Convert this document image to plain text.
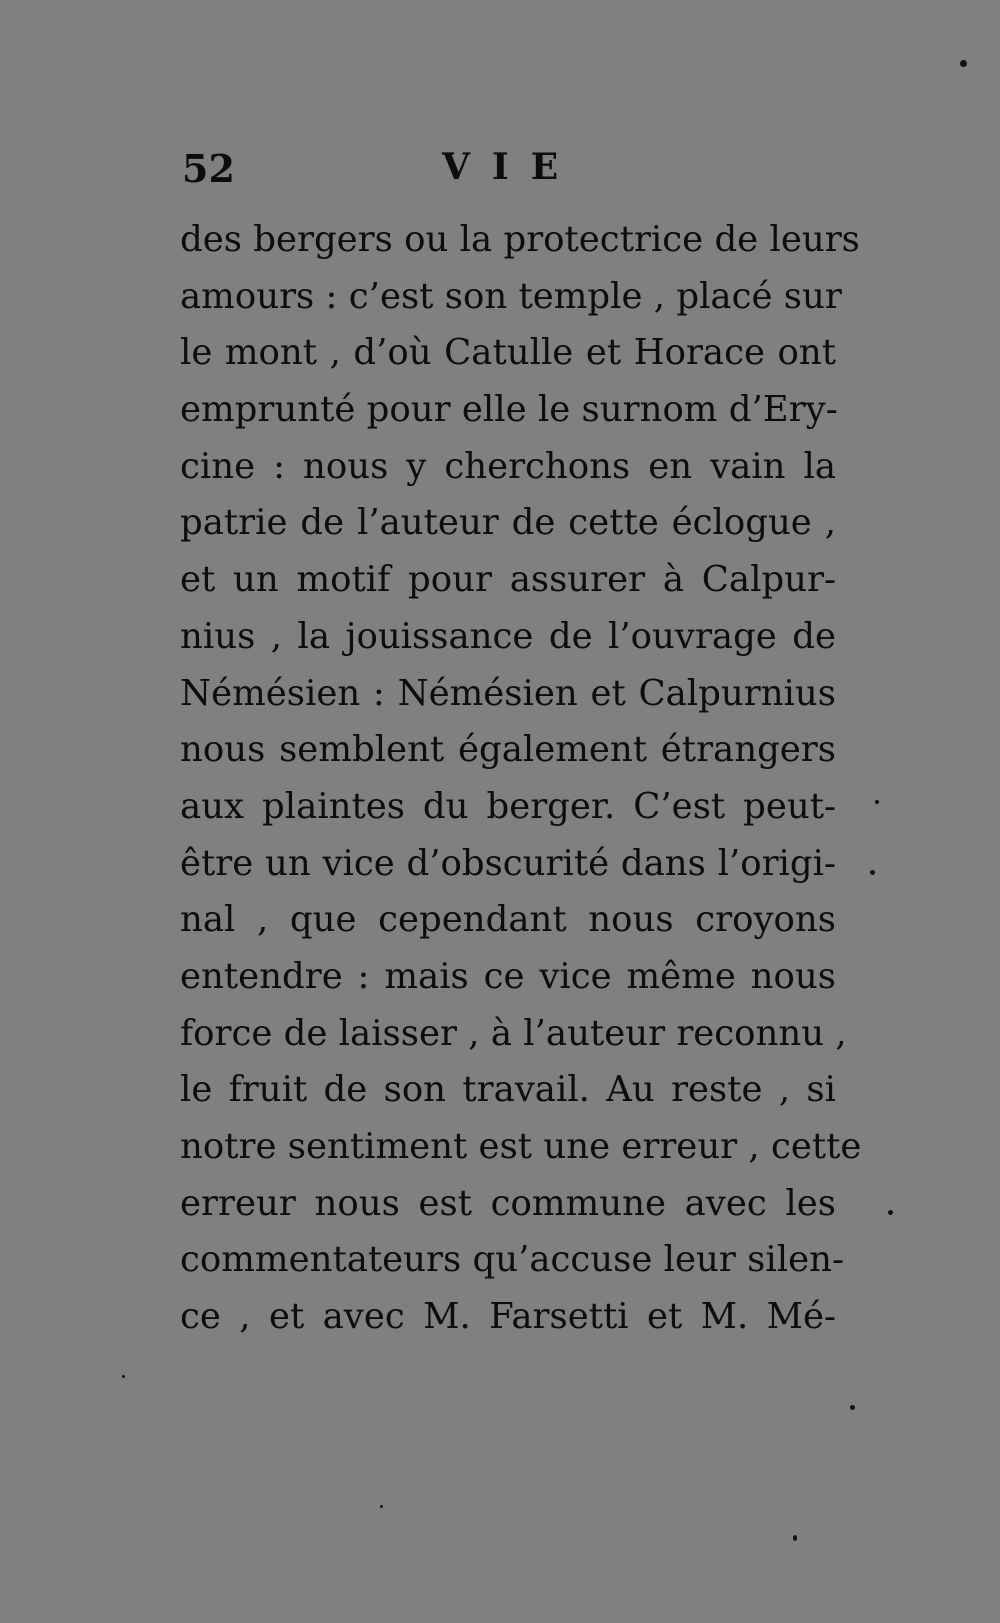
52	VIE
des bergers ou la protectrice de leurs
amours : c’est son temple , placé sur
le mont , d’où Catulle et Horace ont
emprunté pour elle le surnom d’Ery-
cine : nous y cherchons en vain la
patrie de l’auteur de cette éclogue ,
et un motif pour assurer à Calpur-
nius , la jouissance de l’ouvrage de
Némésien : Némésien et Calpurnius
nous semblent également étrangers
aux plaintes du berger. C’est peut-
être un vice d’obscurité dans l’origi-
nal , que cependant nous croyons
entendre : mais ce vice même nous
force de laisser , à l’auteur reconnu ,
le fruit de son travail. Au reste , si
notre sentiment est une erreur , cette
erreur nous est commune avec les
commentateurs qu’accuse leur silen-
ce , et avec M. Farsetti et M. Mé-
